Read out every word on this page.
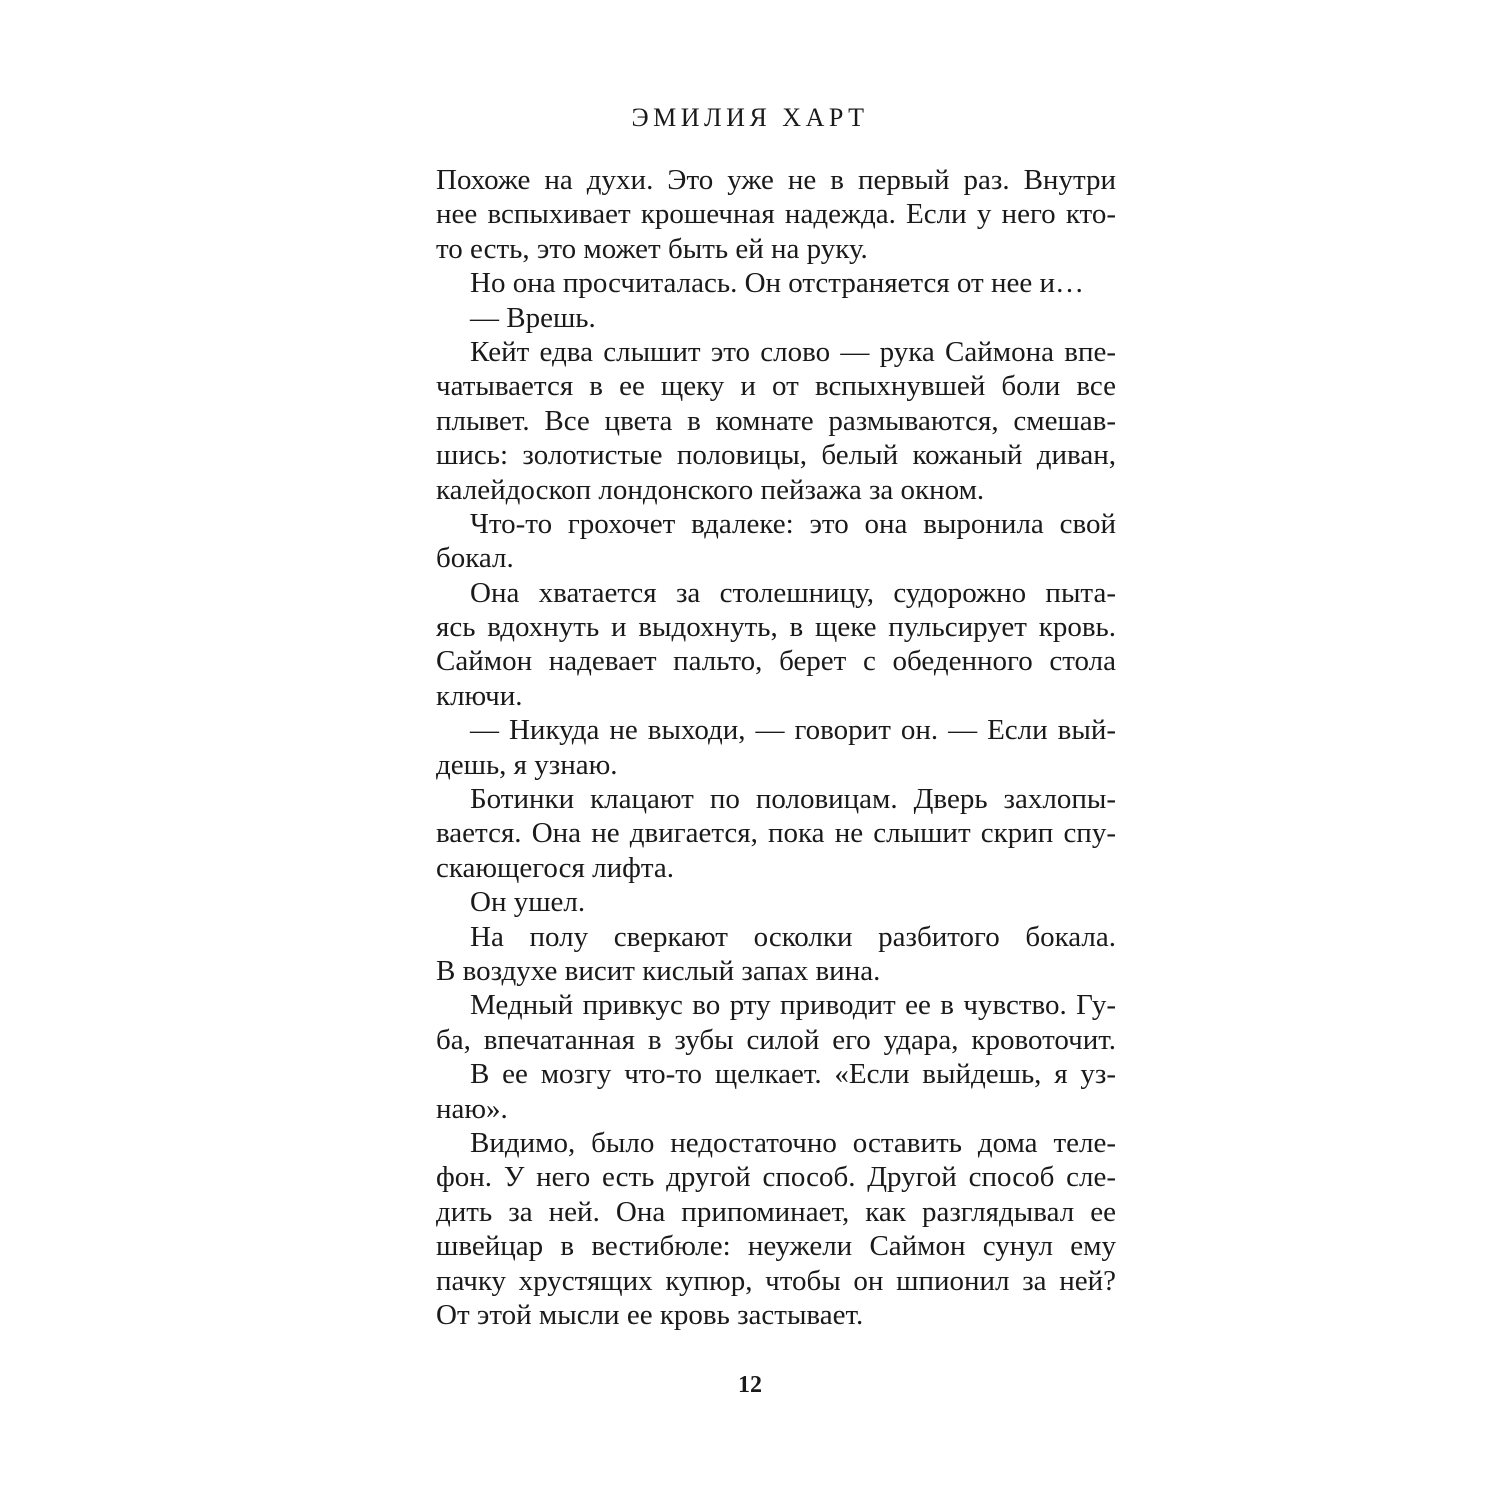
ЭМИЛИЯ ХАРТ
Похоже на духи. Это уже не в первый раз. Внутри
нее вспыхивает крошечная надежда. Если у него кто-
то есть, это может быть ей на руку.
Но она просчиталась. Он отстраняется от нее и…
— Врешь.
Кейт едва слышит это слово — рука Саймона впе-
чатывается в ее щеку и от вспыхнувшей боли все
плывет. Все цвета в комнате размываются, смешав-
шись: золотистые половицы, белый кожаный диван,
калейдоскоп лондонского пейзажа за окном.
Что-то грохочет вдалеке: это она выронила свой
бокал.
Она хватается за столешницу, судорожно пыта-
ясь вдохнуть и выдохнуть, в щеке пульсирует кровь.
Саймон надевает пальто, берет с обеденного стола
ключи.
— Никуда не выходи, — говорит он. — Если вый-
дешь, я узнаю.
Ботинки клацают по половицам. Дверь захлопы-
вается. Она не двигается, пока не слышит скрип спу-
скающегося лифта.
Он ушел.
На полу сверкают осколки разбитого бокала.
В воздухе висит кислый запах вина.
Медный привкус во рту приводит ее в чувство. Гу-
ба, впечатанная в зубы силой его удара, кровоточит.
В ее мозгу что-то щелкает. «Если выйдешь, я уз-
наю».
Видимо, было недостаточно оставить дома теле-
фон. У него есть другой способ. Другой способ сле-
дить за ней. Она припоминает, как разглядывал ее
швейцар в вестибюле: неужели Саймон сунул ему
пачку хрустящих купюр, чтобы он шпионил за ней?
От этой мысли ее кровь застывает.
12
